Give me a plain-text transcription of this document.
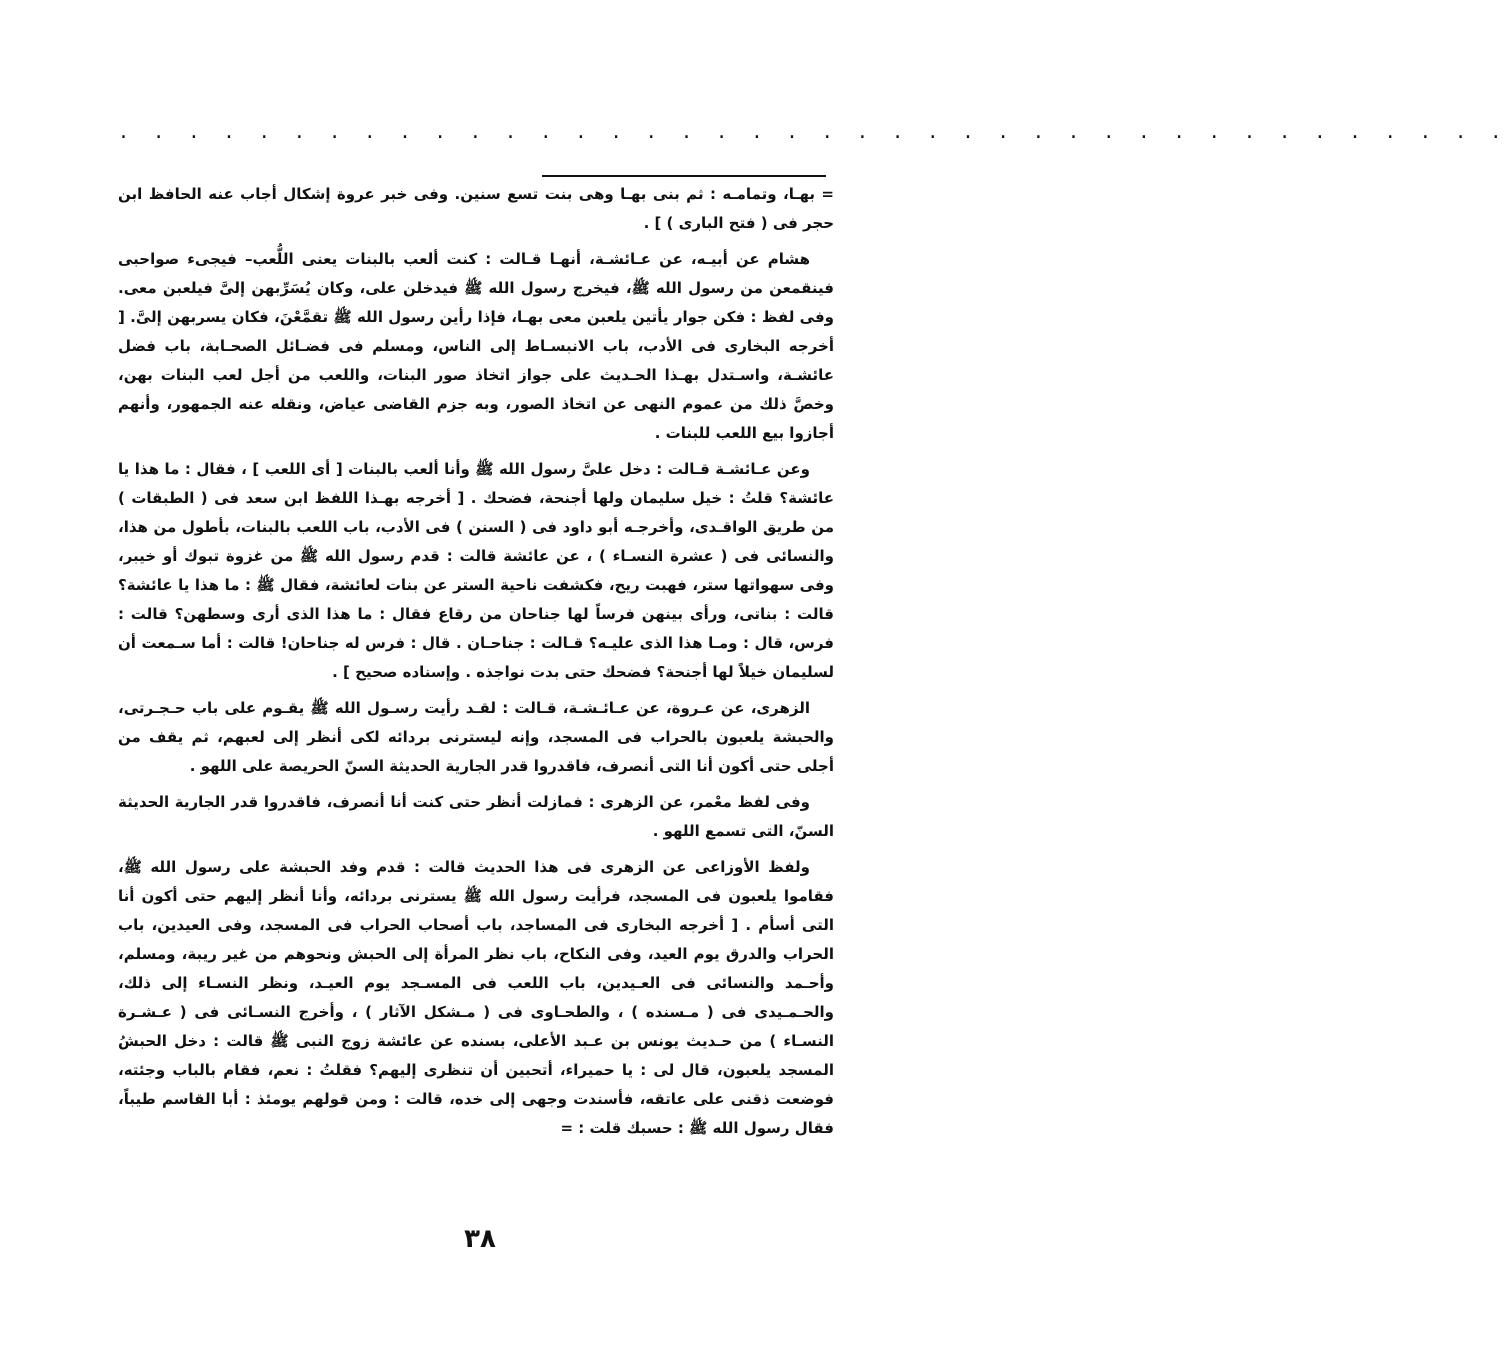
. . . . . . . . . . . . . . . . . . . . . . . . . . . . . . . . . . . . . . . .

= بهـا، وتمامـه : ثم بنى بهـا وهى بنت تسع سنين. وفى خبر عروة إشكال أجاب عنه الحافظ ابن حجر فى ( فتح البارى ) ] .

هشام عن أبيـه، عن عـائشـة، أنهـا قـالت : كنت ألعب بالبنات يعنى اللُّعب– فيجىء صواحبى فينقمعن من رسول الله ﷺ، فيخرج رسول الله ﷺ فيدخلن على، وكان يُسَرِّبهن إلىَّ فيلعبن معى. وفى لفظ : فكن جوار يأتين يلعبن معى بهـا، فإذا رأين رسول الله ﷺ تقمَّعْنَ، فكان يسربهن إلىَّ. [ أخرجه البخارى فى الأدب، باب الانبسـاط إلى الناس، ومسلم فى فضـائل الصحـابة، باب فضل عائشـة، واسـتدل بهـذا الحـديث على جواز اتخاذ صور البنات، واللعب من أجل لعب البنات بهن، وخصَّ ذلك من عموم النهى عن اتخاذ الصور، وبه جزم القاضى عياض، ونقله عنه الجمهور، وأنهم أجازوا بيع اللعب للبنات .

وعن عـائشـة قـالت : دخل علىَّ رسول الله ﷺ وأنا ألعب بالبنات [ أى اللعب ] ، فقال : ما هذا يا عائشة؟ قلتُ : خيل سليمان ولها أجنحة، فضحك . [ أخرجه بهـذا اللفظ ابن سعد فى ( الطبقات ) من طريق الواقـدى، وأخرجـه أبو داود فى ( السنن ) فى الأدب، باب اللعب بالبنات، بأطول من هذا، والنسائى فى ( عشرة النسـاء ) ، عن عائشة قالت : قدم رسول الله ﷺ من غزوة تبوك أو خيبر، وفى سهواتها ستر، فهبت ريح، فكشفت ناحية الستر عن بنات لعائشة، فقال ﷺ : ما هذا يا عائشة؟ قالت : بناتى، ورأى بينهن فرساً لها جناحان من رقاع فقال : ما هذا الذى أرى وسطهن؟ قالت : فرس، قال : ومـا هذا الذى عليـه؟ قـالت : جناحـان . قال : فرس له جناحان! قالت : أما سـمعت أن لسليمان خيلاً لها أجنحة؟ فضحك حتى بدت نواجذه . وإسناده صحيح ] .

الزهرى، عن عـروة، عن عـائـشـة، قـالت : لقـد رأيت رسـول الله ﷺ يقـوم على باب حـجـرتى، والحبشة يلعبون بالحراب فى المسجد، وإنه ليسترنى بردائه لكى أنظر إلى لعبهم، ثم يقف من أجلى حتى أكون أنا التى أنصرف، فاقدروا قدر الجارية الحديثة السنّ الحريصة على اللهو .

وفى لفظ معْمر، عن الزهرى : فمازلت أنظر حتى كنت أنا أنصرف، فاقدروا قدر الجارية الحديثة السنّ، التى تسمع اللهو .

ولفظ الأوزاعى عن الزهرى فى هذا الحديث قالت : قدم وفد الحبشة على رسول الله ﷺ، فقاموا يلعبون فى المسجد، فرأيت رسول الله ﷺ يسترنى بردائه، وأنا أنظر إليهم حتى أكون أنا التى أسأم . [ أخرجه البخارى فى المساجد، باب أصحاب الحراب فى المسجد، وفى العيدين، باب الحراب والدرق يوم العيد، وفى النكاح، باب نظر المرأة إلى الحبش ونحوهم من غير ريبة، ومسلم، وأحـمد والنسائى فى العـيدين، باب اللعب فى المسـجد يوم العيـد، ونظر النسـاء إلى ذلك، والحـمـيدى فى ( مـسنده ) ، والطحـاوى فى ( مـشكل الآثار ) ، وأخرج النسـائى فى ( عـشـرة النسـاء ) من حـديث يونس بن عـبد الأعلى، بسنده عن عائشة زوج النبى ﷺ قالت : دخل الحبشُ المسجد يلعبون، قال لى : يا حميراء، أتحبين أن تنظرى إليهم؟ فقلتُ : نعم، فقام بالباب وجئته، فوضعت ذقنى على عاتقه، فأسندت وجهى إلى خده، قالت : ومن قولهم يومئذ : أبا القاسم طيباً، فقال رسول الله ﷺ : حسبك قلت : =

٣٨
